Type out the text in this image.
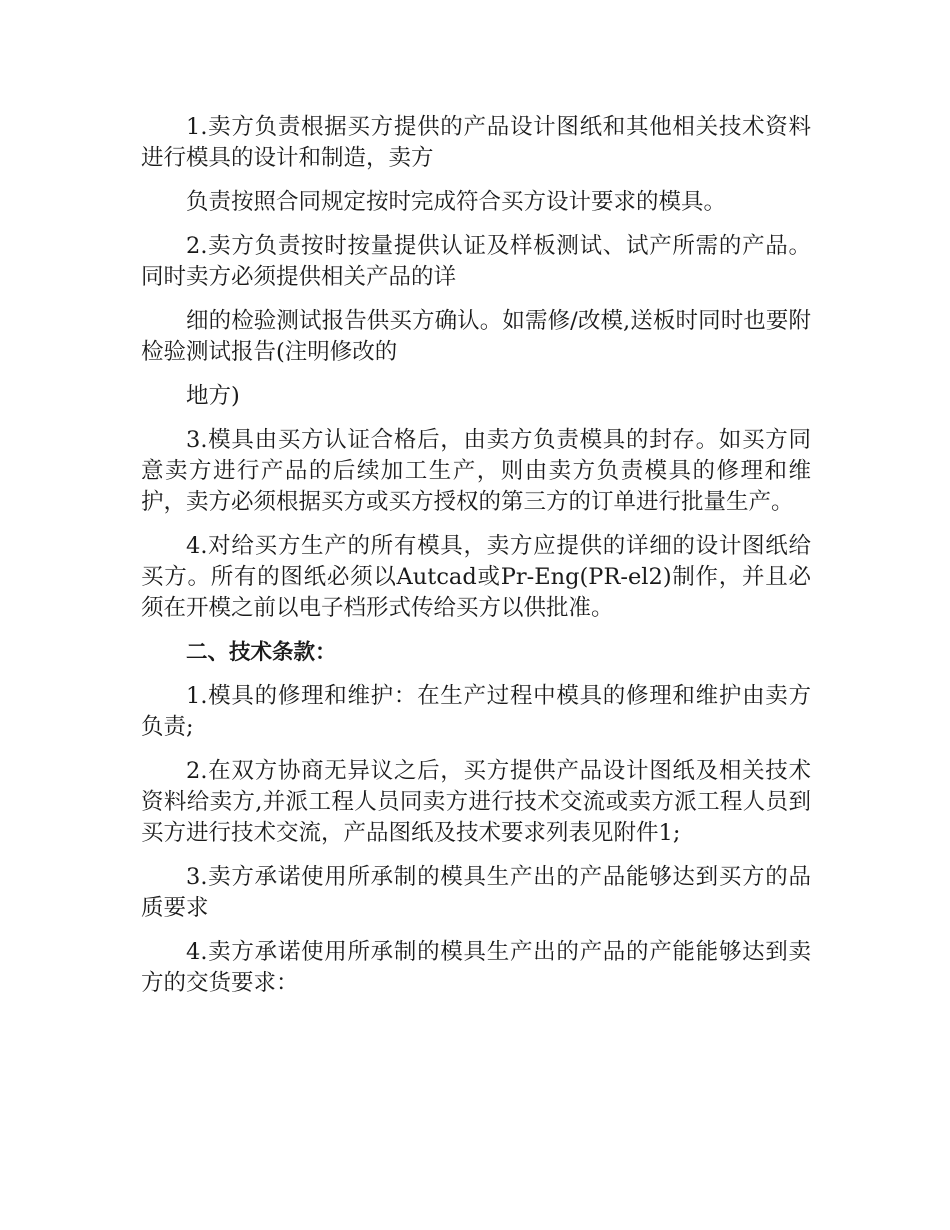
1.卖方负责根据买方提供的产品设计图纸和其他相关技术资料进行模具的设计和制造，卖方

负责按照合同规定按时完成符合买方设计要求的模具。

2.卖方负责按时按量提供认证及样板测试、试产所需的产品。同时卖方必须提供相关产品的详

细的检验测试报告供买方确认。如需修/改模,送板时同时也要附检验测试报告(注明修改的

地方)

3.模具由买方认证合格后，由卖方负责模具的封存。如买方同意卖方进行产品的后续加工生产，则由卖方负责模具的修理和维护，卖方必须根据买方或买方授权的第三方的订单进行批量生产。

4.对给买方生产的所有模具，卖方应提供的详细的设计图纸给买方。所有的图纸必须以Autcad或Pr-Eng(PR-el2)制作，并且必须在开模之前以电子档形式传给买方以供批准。

二、技术条款：

1.模具的修理和维护：在生产过程中模具的修理和维护由卖方负责;

2.在双方协商无异议之后，买方提供产品设计图纸及相关技术资料给卖方,并派工程人员同卖方进行技术交流或卖方派工程人员到买方进行技术交流，产品图纸及技术要求列表见附件1;

3.卖方承诺使用所承制的模具生产出的产品能够达到买方的品质要求

4.卖方承诺使用所承制的模具生产出的产品的产能能够达到卖方的交货要求：
